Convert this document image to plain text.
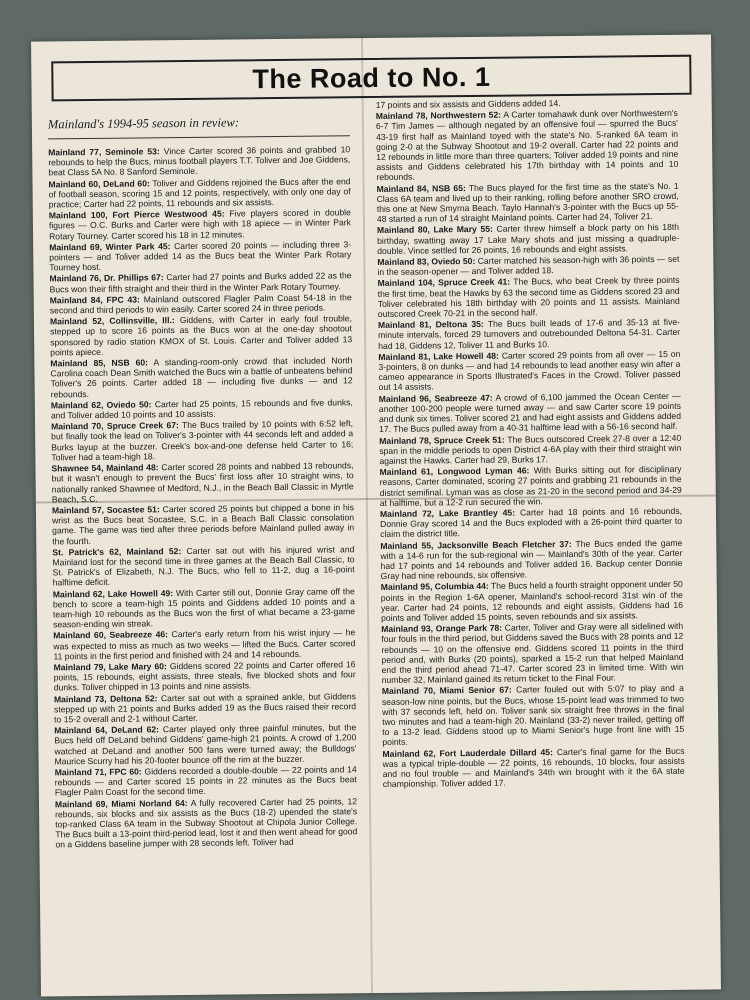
The Road to No. 1
Mainland's 1994-95 season in review:

Mainland 77, Seminole 53: Vince Carter scored 36 points and grabbed 10 rebounds to help the Bucs, minus football players T.T. Toliver and Joe Giddens, beat Class 5A No. 8 Sanford Seminole.

Mainland 60, DeLand 60: Toliver and Giddens rejoined the Bucs after the end of football season, scoring 15 and 12 points, respectively, with only one day of practice; Carter had 22 points, 11 rebounds and six assists.

Mainland 100, Fort Pierce Westwood 45: Five players scored in double figures — O.C. Burks and Carter were high with 18 apiece — in Winter Park Rotary Tourney. Carter scored his 18 in 12 minutes.

Mainland 69, Winter Park 45: Carter scored 20 points — including three 3-pointers — and Toliver added 14 as the Bucs beat the Winter Park Rotary Tourney host.

Mainland 76, Dr. Phillips 67: Carter had 27 points and Burks added 22 as the Bucs won their fifth straight and their third in the Winter Park Rotary Tourney.

Mainland 84, FPC 43: Mainland outscored Flagler Palm Coast 54-18 in the second and third periods to win easily. Carter scored 24 in three periods.

Mainland 52, Collinsville, Ill.: Giddens, with Carter in early foul trouble, stepped up to score 16 points as the Bucs won at the one-day shootout sponsored by radio station KMOX of St. Louis. Carter and Toliver added 13 points apiece.

Mainland 85, NSB 60: A standing-room-only crowd that included North Carolina coach Dean Smith watched the Bucs win a battle of unbeatens behind Toliver's 26 points. Carter added 18 — including five dunks — and 12 rebounds.

Mainland 62, Oviedo 50: Carter had 25 points, 15 rebounds and five dunks, and Toliver added 10 points and 10 assists.

Mainland 70, Spruce Creek 67: The Bucs trailed by 10 points with 6:52 left, but finally took the lead on Toliver's 3-pointer with 44 seconds left and added a Burks layup at the buzzer. Creek's box-and-one defense held Carter to 16; Toliver had a team-high 18.

Shawnee 54, Mainland 48: Carter scored 28 points and nabbed 13 rebounds, but it wasn't enough to prevent the Bucs' first loss after 10 straight wins, to nationally ranked Shawnee of Medford, N.J., in the Beach Ball Classic in Myrtle Beach, S.C.

Mainland 57, Socastee 51: Carter scored 25 points but chipped a bone in his wrist as the Bucs beat Socastee, S.C. in a Beach Ball Classic consolation game. The game was tied after three periods before Mainland pulled away in the fourth.

St. Patrick's 62, Mainland 52: Carter sat out with his injured wrist and Mainland lost for the second time in three games at the Beach Ball Classic, to St. Patrick's of Elizabeth, N.J. The Bucs, who fell to 11-2, dug a 16-point halftime deficit.

Mainland 62, Lake Howell 49: With Carter still out, Donnie Gray came off the bench to score a team-high 15 points and Giddens added 10 points and a team-high 10 rebounds as the Bucs won the first of what became a 23-game season-ending win streak.

Mainland 60, Seabreeze 46: Carter's early return from his wrist injury — he was expected to miss as much as two weeks — lifted the Bucs. Carter scored 11 points in the first period and finished with 24 and 14 rebounds.

Mainland 79, Lake Mary 60: Giddens scored 22 points and Carter offered 16 points, 15 rebounds, eight assists, three steals, five blocked shots and four dunks. Toliver chipped in 13 points and nine assists.

Mainland 73, Deltona 52: Carter sat out with a sprained ankle, but Giddens stepped up with 21 points and Burks added 19 as the Bucs raised their record to 15-2 overall and 2-1 without Carter.

Mainland 64, DeLand 62: Carter played only three painful minutes, but the Bucs held off DeLand behind Giddens' game-high 21 points. A crowd of 1,200 watched at DeLand and another 500 fans were turned away; the Bulldogs' Maurice Scurry had his 20-footer bounce off the rim at the buzzer.

Mainland 71, FPC 60: Giddens recorded a double-double — 22 points and 14 rebounds — and Carter scored 15 points in 22 minutes as the Bucs beat Flagler Palm Coast for the second time.

Mainland 69, Miami Norland 64: A fully recovered Carter had 25 points, 12 rebounds, six blocks and six assists as the Bucs (18-2) upended the state's top-ranked Class 6A team in the Subway Shootout at Chipola Junior College. The Bucs built a 13-point third-period lead, lost it and then went ahead for good on a Giddens baseline jumper with 28 seconds left. Toliver had

17 points and six assists and Giddens added 14.

Mainland 78, Northwestern 52: A Carter tomahawk dunk over Northwestern's 6-7 Tim James — although negated by an offensive foul — spurred the Bucs' 43-19 first half as Mainland toyed with the state's No. 5-ranked 6A team in going 2-0 at the Subway Shootout and 19-2 overall. Carter had 22 points and 12 rebounds in little more than three quarters, Toliver added 19 points and nine assists and Giddens celebrated his 17th birthday with 14 points and 10 rebounds.

Mainland 84, NSB 65: The Bucs played for the first time as the state's No. 1 Class 6A team and lived up to their ranking, rolling before another SRO crowd, this one at New Smyrna Beach. Taylo Hannah's 3-pointer with the Bucs up 55-48 started a run of 14 straight Mainland points. Carter had 24, Toliver 21.

Mainland 80, Lake Mary 55: Carter threw himself a block party on his 18th birthday, swatting away 17 Lake Mary shots and just missing a quadruple-double. Vince settled for 26 points, 16 rebounds and eight assists.

Mainland 83, Oviedo 50: Carter matched his season-high with 36 points — set in the season-opener — and Toliver added 18.

Mainland 104, Spruce Creek 41: The Bucs, who beat Creek by three points the first time, beat the Hawks by 63 the second time as Giddens scored 23 and Toliver celebrated his 18th birthday with 20 points and 11 assists. Mainland outscored Creek 70-21 in the second half.

Mainland 81, Deltona 35: The Bucs built leads of 17-6 and 35-13 at five-minute intervals, forced 29 turnovers and outrebounded Deltona 54-31. Carter had 18, Giddens 12, Toliver 11 and Burks 10.

Mainland 81, Lake Howell 48: Carter scored 29 points from all over — 15 on 3-pointers, 8 on dunks — and had 14 rebounds to lead another easy win after a cameo appearance in Sports Illustrated's Faces in the Crowd. Toliver passed out 14 assists.

Mainland 96, Seabreeze 47: A crowd of 6,100 jammed the Ocean Center — another 100-200 people were turned away — and saw Carter score 19 points and dunk six times. Toliver scored 21 and had eight assists and Giddens added 17. The Bucs pulled away from a 40-31 halftime lead with a 56-16 second half.

Mainland 78, Spruce Creek 51: The Bucs outscored Creek 27-8 over a 12:40 span in the middle periods to open District 4-6A play with their third straight win against the Hawks. Carter had 29, Burks 17.

Mainland 61, Longwood Lyman 46: With Burks sitting out for disciplinary reasons, Carter dominated, scoring 27 points and grabbing 21 rebounds in the district semifinal. Lyman was as close as 21-20 in the second period and 34-29 at halftime, but a 12-2 run secured the win.

Mainland 72, Lake Brantley 45: Carter had 18 points and 16 rebounds, Donnie Gray scored 14 and the Bucs exploded with a 26-point third quarter to claim the district title.

Mainland 55, Jacksonville Beach Fletcher 37: The Bucs ended the game with a 14-6 run for the sub-regional win — Mainland's 30th of the year. Carter had 17 points and 14 rebounds and Toliver added 16. Backup center Donnie Gray had nine rebounds, six offensive.

Mainland 95, Columbia 44: The Bucs held a fourth straight opponent under 50 points in the Region 1-6A opener, Mainland's school-record 31st win of the year. Carter had 24 points, 12 rebounds and eight assists, Giddens had 16 points and Toliver added 15 points, seven rebounds and six assists.

Mainland 93, Orange Park 78: Carter, Toliver and Gray were all sidelined with four fouls in the third period, but Giddens saved the Bucs with 28 points and 12 rebounds — 10 on the offensive end. Giddens scored 11 points in the third period and, with Burks (20 points), sparked a 15-2 run that helped Mainland end the third period ahead 71-47. Carter scored 23 in limited time. With win number 32, Mainland gained its return ticket to the Final Four.

Mainland 70, Miami Senior 67: Carter fouled out with 5:07 to play and a season-low nine points, but the Bucs, whose 15-point lead was trimmed to two with 37 seconds left, held on. Toliver sank six straight free throws in the final two minutes and had a team-high 20. Mainland (33-2) never trailed, getting off to a 13-2 lead. Giddens stood up to Miami Senior's huge front line with 15 points.

Mainland 62, Fort Lauderdale Dillard 45: Carter's final game for the Bucs was a typical triple-double — 22 points, 16 rebounds, 10 blocks, four assists and no foul trouble — and Mainland's 34th win brought with it the 6A state championship. Toliver added 17.
